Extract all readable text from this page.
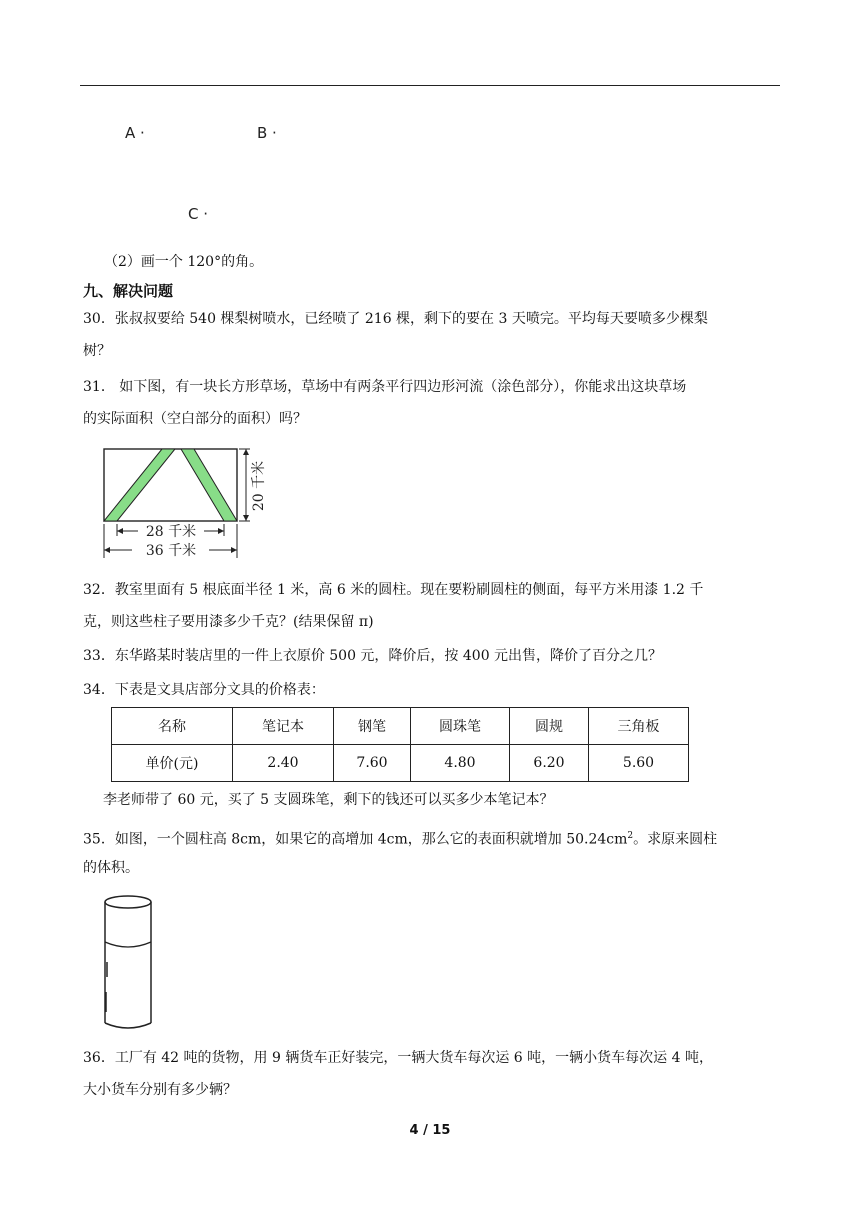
A ·	B ·
C ·
（2）画一个 120°的角。
九、解决问题
30．张叔叔要给 540 棵梨树喷水，已经喷了 216 棵，剩下的要在 3 天喷完。平均每天要喷多少棵梨
树？
31． 如下图，有一块长方形草场，草场中有两条平行四边形河流（涂色部分），你能求出这块草场
的实际面积（空白部分的面积）吗？
20 千米
28 千米
36 千米
32．教室里面有 5 根底面半径 1 米，高 6 米的圆柱。现在要粉刷圆柱的侧面，每平方米用漆 1.2 千
克，则这些柱子要用漆多少千克？(结果保留 π)
33．东华路某时装店里的一件上衣原价 500 元，降价后，按 400 元出售，降价了百分之几？
34．下表是文具店部分文具的价格表：
名称	笔记本	钢笔	圆珠笔	圆规	三角板
单价(元)	2.40	7.60	4.80	6.20	5.60
李老师带了 60 元，买了 5 支圆珠笔，剩下的钱还可以买多少本笔记本？
35．如图，一个圆柱高 8cm，如果它的高增加 4cm，那么它的表面积就增加 $50.24cm^2$。求原来圆柱
的体积。
36．工厂有 42 吨的货物，用 9 辆货车正好装完，一辆大货车每次运 6 吨，一辆小货车每次运 4 吨，
大小货车分别有多少辆？
4 / 15
